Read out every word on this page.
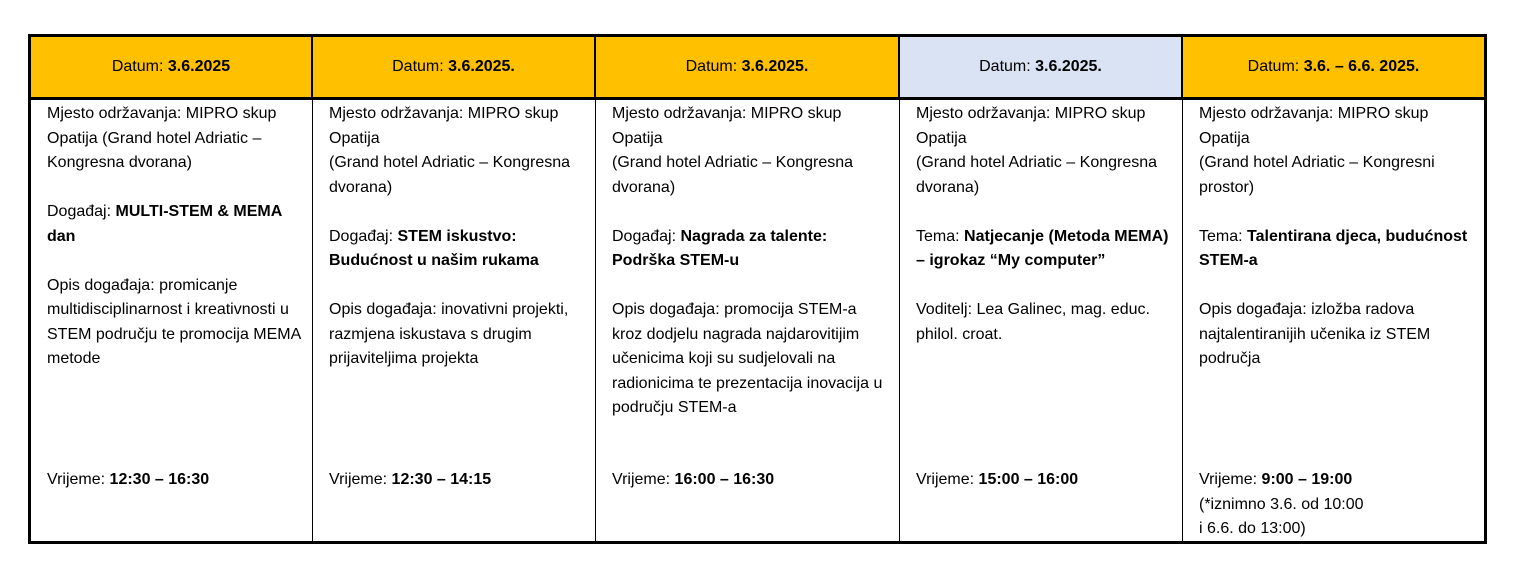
Datum:
3.6.2025

Mjesto održavanja: MIPRO skup Opatija (Grand hotel Adriatic – Kongresna dvorana)

Događaj: MULTI-STEM & MEMA dan

Opis događaja: promicanje multidisciplinarnost i kreativnosti u STEM području te promocija MEMA metode

Vrijeme: 12:30 – 16:30
Datum:
3.6.2025.

Mjesto održavanja: MIPRO skup Opatija

(Grand hotel Adriatic – Kongresna dvorana)

Događaj: STEM iskustvo: Budućnost u našim rukama

Opis događaja: inovativni projekti, razmjena iskustava s drugim prijaviteljima projekta

Vrijeme: 12:30 – 14:15
Datum:
3.6.2025.

Mjesto održavanja: MIPRO skup Opatija

(Grand hotel Adriatic – Kongresna dvorana)

Događaj: Nagrada za talente: Podrška STEM-u

Opis događaja: promocija STEM-a kroz dodjelu nagrada najdarovitijim učenicima koji su sudjelovali na radionicima te prezentacija inovacija u području STEM-a

Vrijeme: 16:00 – 16:30
Datum:
3.6.2025.

Mjesto održavanja: MIPRO skup Opatija

(Grand hotel Adriatic – Kongresna dvorana)

Tema: Natjecanje (Metoda MEMA) – igrokaz “My computer”

Voditelj: Lea Galinec, mag. educ. philol. croat.

Vrijeme: 15:00 – 16:00
Datum:
3.6. – 6.6. 2025.

Mjesto održavanja: MIPRO skup Opatija

(Grand hotel Adriatic – Kongresni prostor)

Tema: Talentirana djeca, budućnost STEM-a

Opis događaja: izložba radova najtalentiranijih učenika iz STEM područja

Vrijeme: 9:00 – 19:00

(*iznimno 3.6. od 10:00

i 6.6. do 13:00)
